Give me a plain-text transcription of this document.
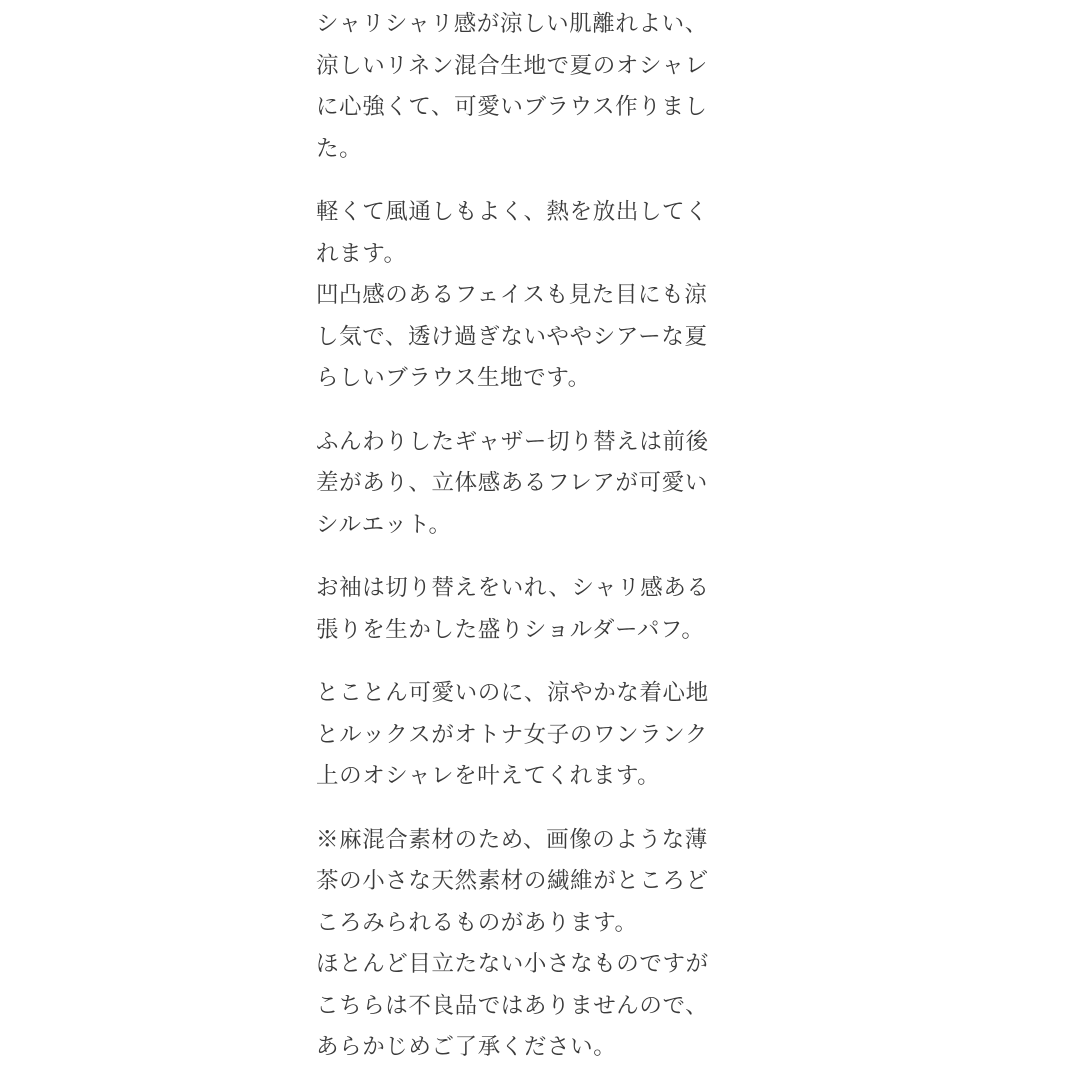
シャリシャリ感が涼しい肌離れよい、
涼しいリネン混合生地で夏のオシャレ
に心強くて、可愛いブラウス作りまし
た。
軽くて風通しもよく、熱を放出してく
れます。
凹凸感のあるフェイスも見た目にも涼
し気で、透け過ぎないややシアーな夏
らしいブラウス生地です。
ふんわりしたギャザー切り替えは前後
差があり、立体感あるフレアが可愛い
シルエット。
お袖は切り替えをいれ、シャリ感ある
張りを生かした盛りショルダーパフ。
とことん可愛いのに、涼やかな着心地
とルックスがオトナ女子のワンランク
上のオシャレを叶えてくれます。
※麻混合素材のため、画像のような薄
茶の小さな天然素材の繊維がところど
ころみられるものがあります。
ほとんど目立たない小さなものですが
こちらは不良品ではありませんので、
あらかじめご了承ください。
